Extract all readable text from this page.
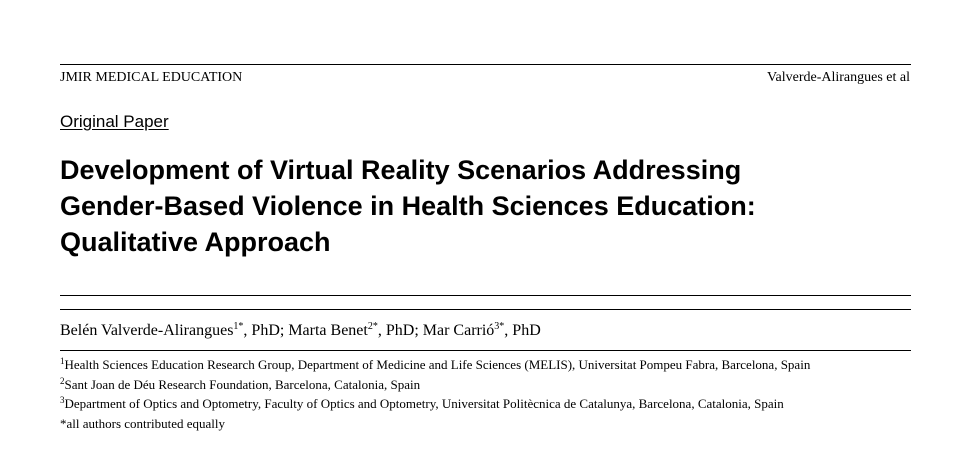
JMIR MEDICAL EDUCATION	Valverde-Alirangues et al
Original Paper
Development of Virtual Reality Scenarios Addressing
Gender-Based Violence in Health Sciences Education:
Qualitative Approach
Belén Valverde-Alirangues$^{1*}$, PhD; Marta Benet$^{2*}$, PhD; Mar Carrió$^{3*}$, PhD
$^1$Health Sciences Education Research Group, Department of Medicine and Life Sciences (MELIS), Universitat Pompeu Fabra, Barcelona, Spain
$^2$Sant Joan de Déu Research Foundation, Barcelona, Catalonia, Spain
$^3$Department of Optics and Optometry, Faculty of Optics and Optometry, Universitat Politècnica de Catalunya, Barcelona, Catalonia, Spain
*all authors contributed equally
